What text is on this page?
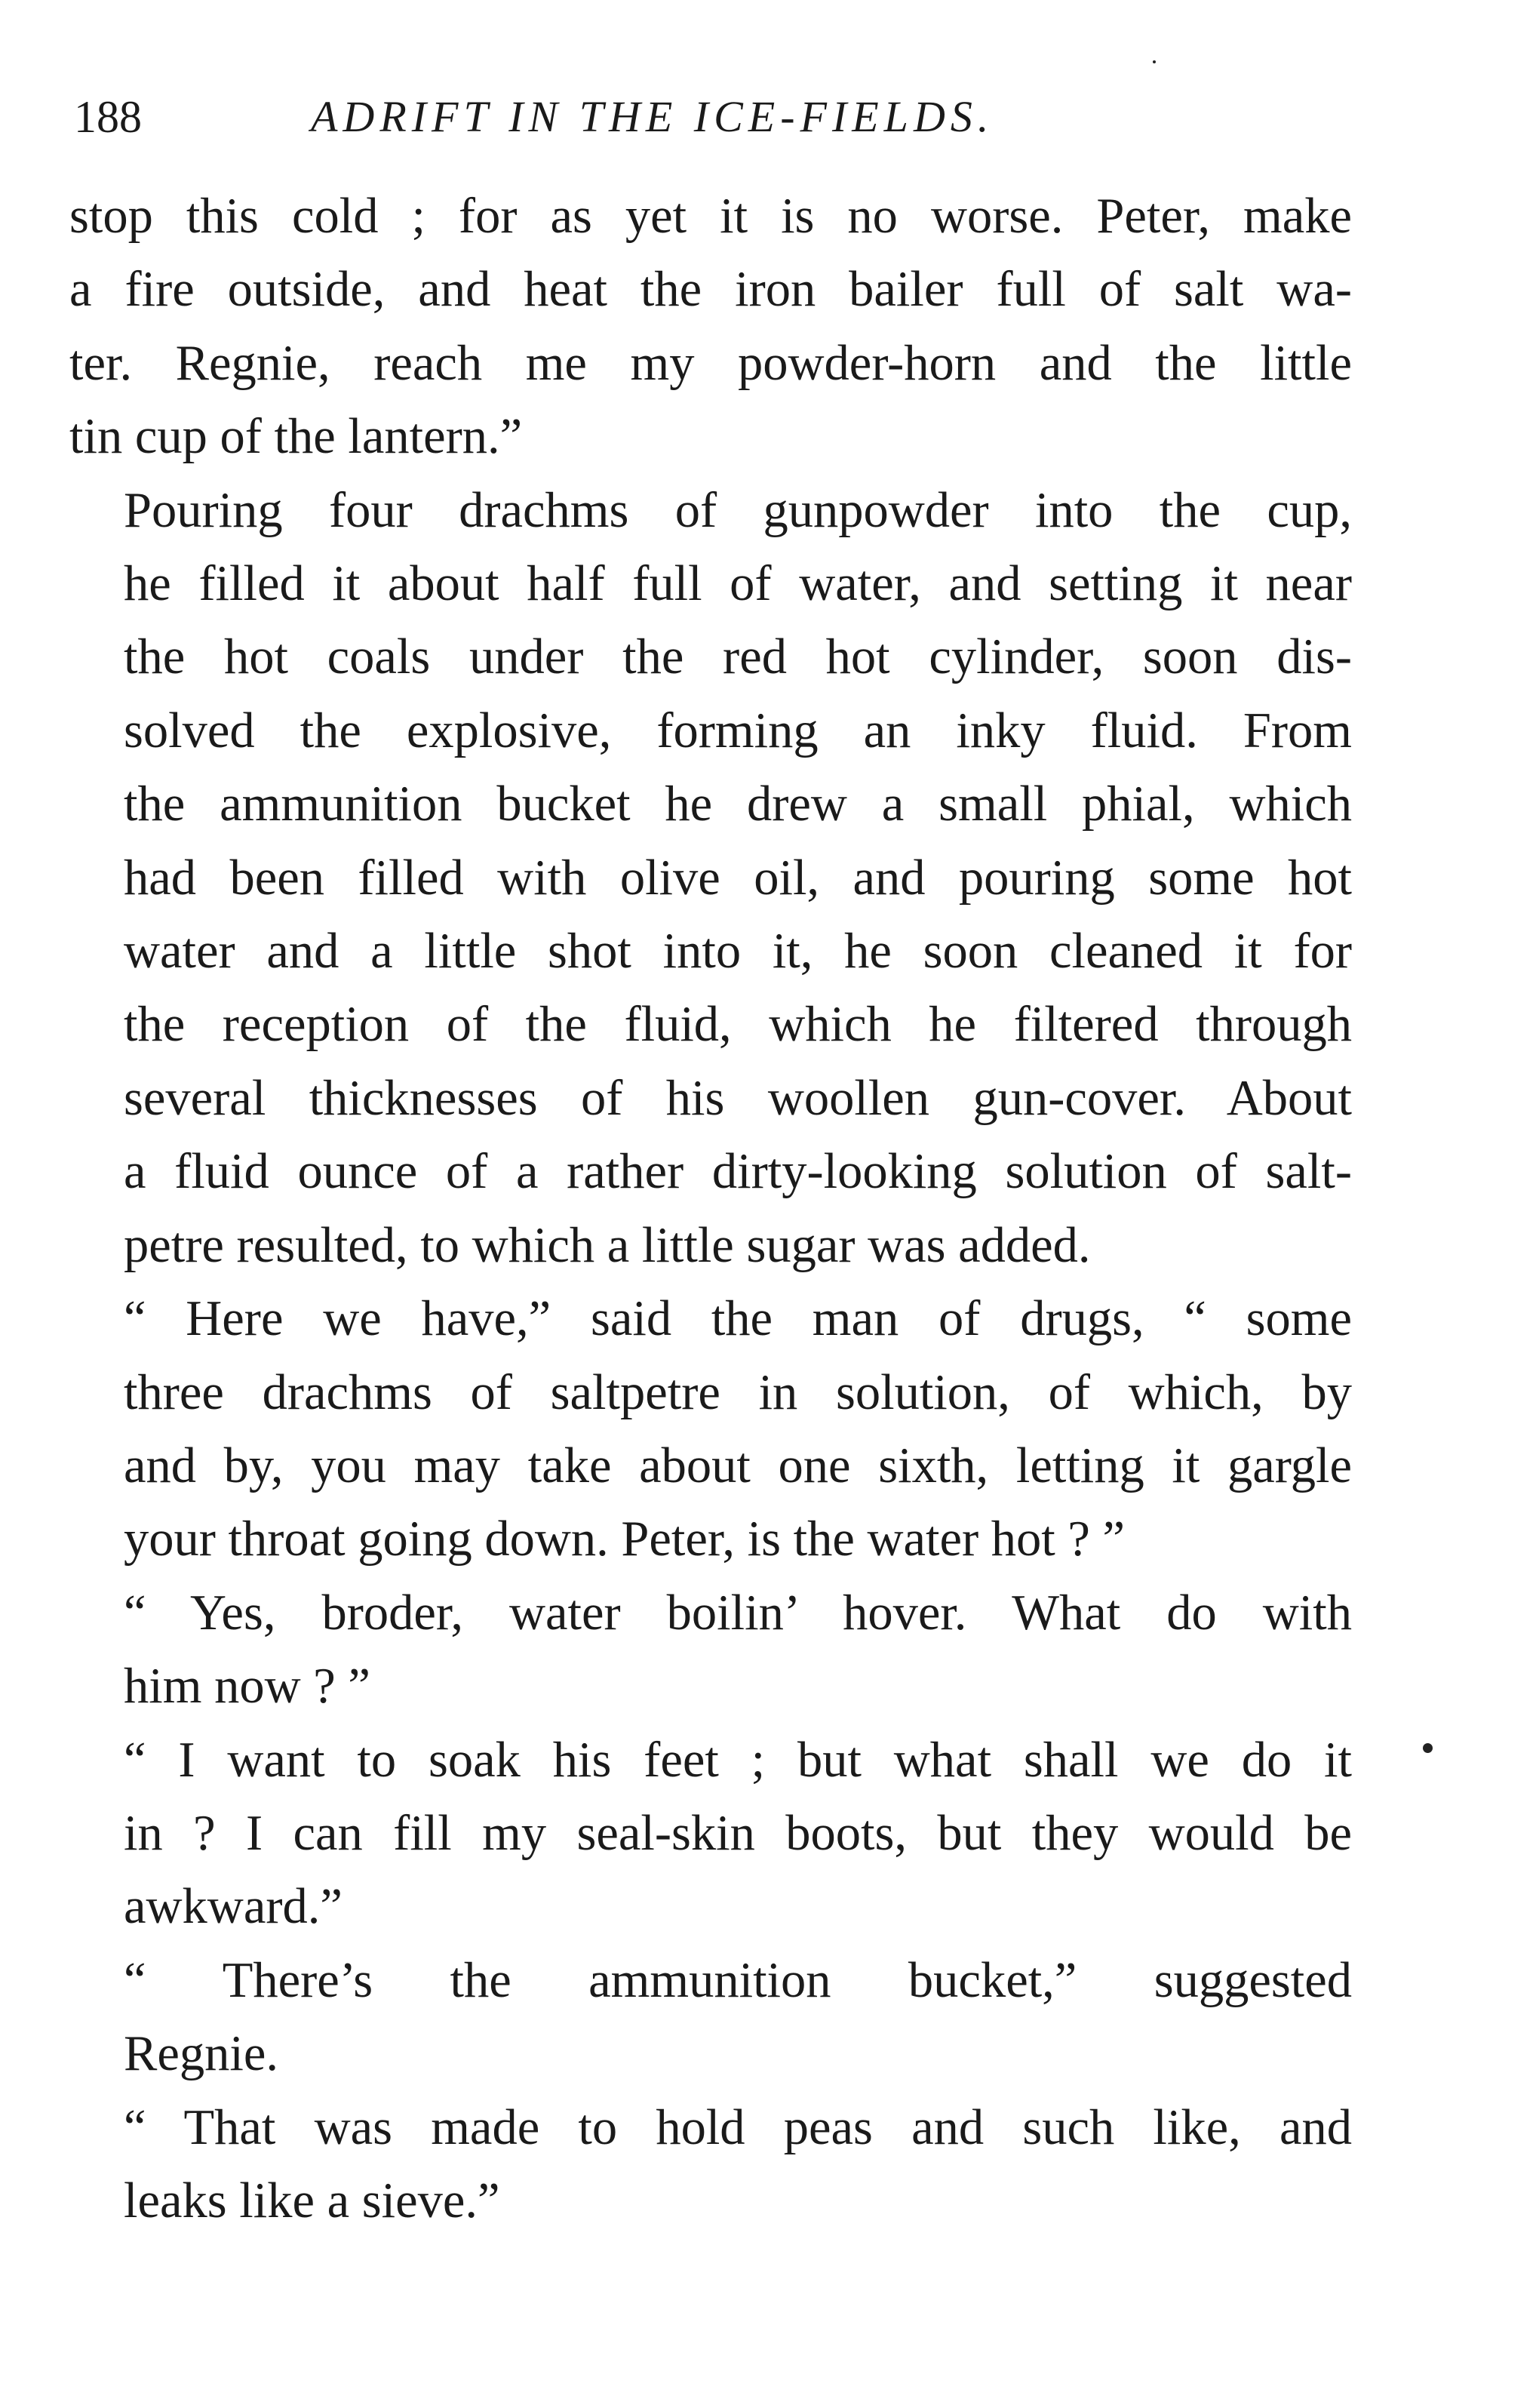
188	ADRIFT IN THE ICE-FIELDS.

stop this cold ; for as yet it is no worse. Peter, make
a fire outside, and heat the iron bailer full of salt wa-
ter. Regnie, reach me my powder-horn and the little
tin cup of the lantern.”

Pouring four drachms of gunpowder into the cup,
he filled it about half full of water, and setting it near
the hot coals under the red hot cylinder, soon dis-
solved the explosive, forming an inky fluid. From
the ammunition bucket he drew a small phial, which
had been filled with olive oil, and pouring some hot
water and a little shot into it, he soon cleaned it for
the reception of the fluid, which he filtered through
several thicknesses of his woollen gun-cover. About
a fluid ounce of a rather dirty-looking solution of salt-
petre resulted, to which a little sugar was added.

“ Here we have,” said the man of drugs, “ some
three drachms of saltpetre in solution, of which, by
and by, you may take about one sixth, letting it gargle
your throat going down. Peter, is the water hot ? ”

“ Yes, broder, water boilin’ hover. What do with
him now ? ”

“ I want to soak his feet ; but what shall we do it
in ? I can fill my seal-skin boots, but they would be
awkward.”

“ There’s the ammunition bucket,” suggested
Regnie.

“ That was made to hold peas and such like, and
leaks like a sieve.”
